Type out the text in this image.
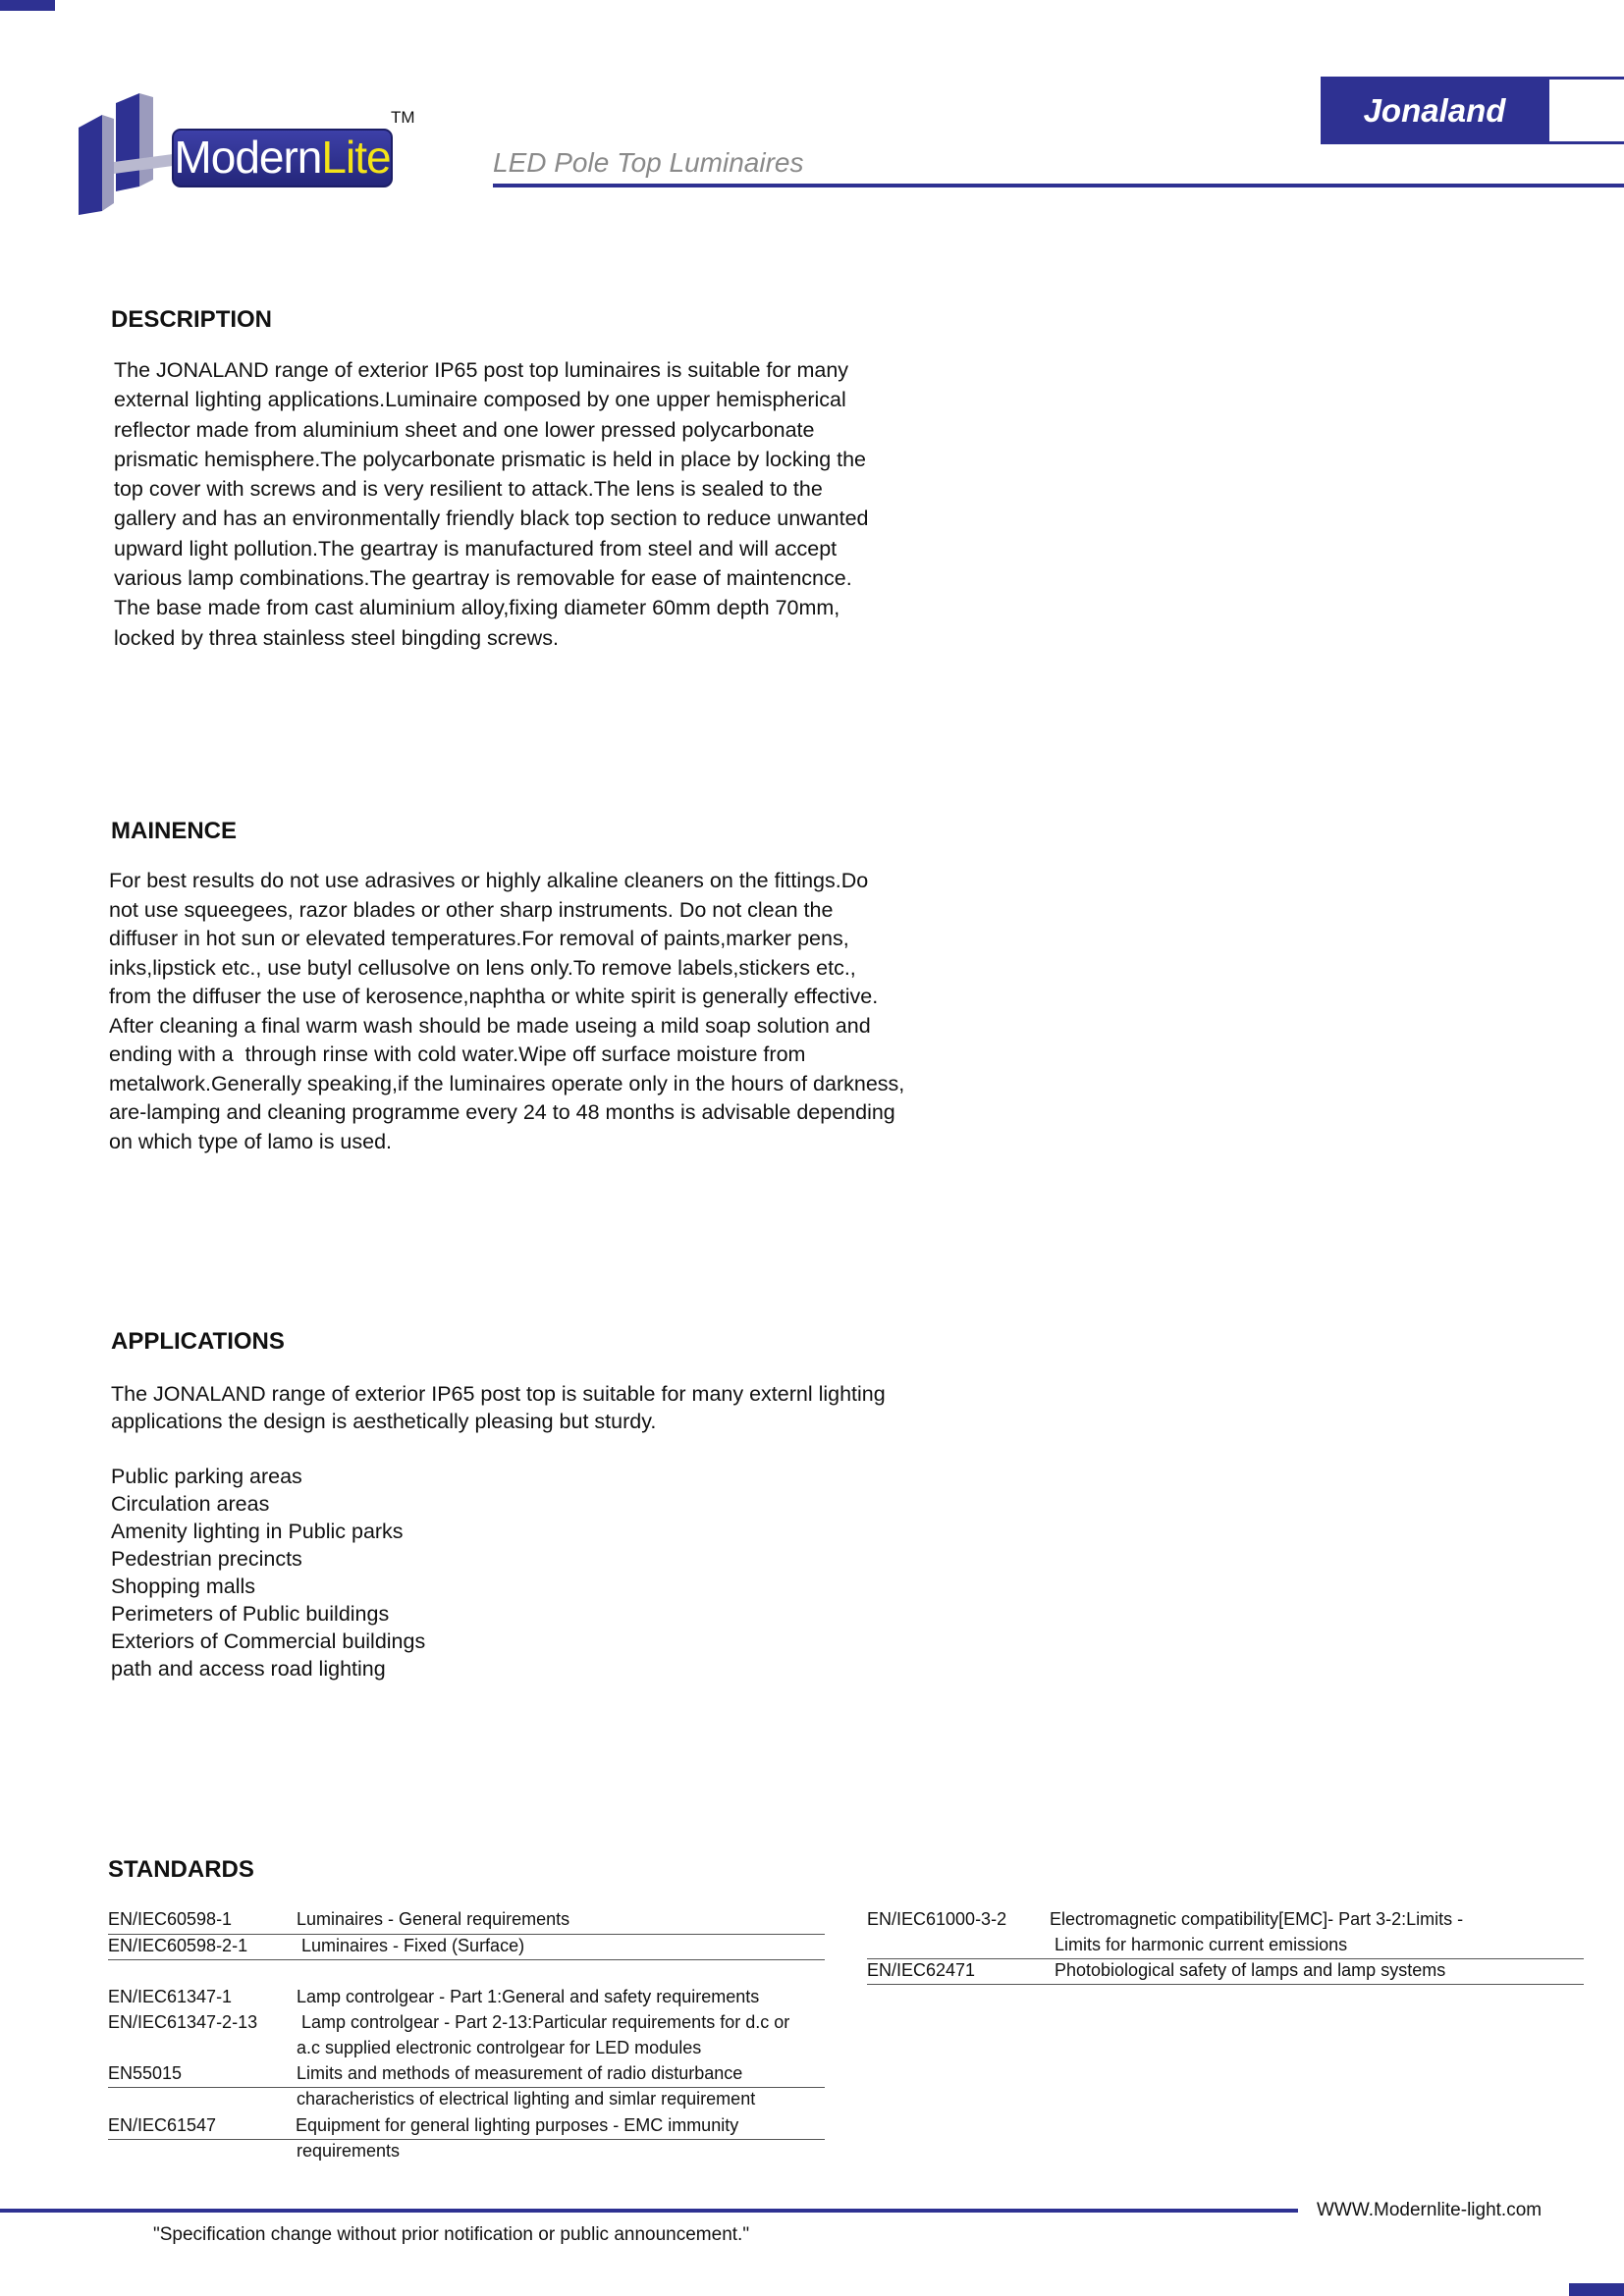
ModernLite
TM	Jonaland
LED Pole Top Luminaires
DESCRIPTION

The JONALAND range of exterior IP65 post top luminaires is suitable for many

external lighting applications.Luminaire composed by one upper hemispherical

reflector made from aluminium sheet and one lower pressed polycarbonate

prismatic hemisphere.The polycarbonate prismatic is held in place by locking the

top cover with screws and is very resilient to attack.The lens is sealed to the

gallery and has an environmentally friendly black top section to reduce unwanted

upward light pollution.The geartray is manufactured from steel and will accept

various lamp combinations.The geartray is removable for ease of maintencnce.

The base made from cast aluminium alloy,fixing diameter 60mm depth 70mm,

locked by threa stainless steel bingding screws.

MAINENCE

For best results do not use adrasives or highly alkaline cleaners on the fittings.Do

not use squeegees, razor blades or other sharp instruments. Do not clean the

diffuser in hot sun or elevated temperatures.For removal of paints,marker pens,

inks,lipstick etc., use butyl cellusolve on lens only.To remove labels,stickers etc.,

from the diffuser the use of kerosence,naphtha or white spirit is generally effective.

After cleaning a final warm wash should be made useing a mild soap solution and

ending with a  through rinse with cold water.Wipe off surface moisture from

metalwork.Generally speaking,if the luminaires operate only in the hours of darkness,

are-lamping and cleaning programme every 24 to 48 months is advisable depending

on which type of lamo is used.

APPLICATIONS

The JONALAND range of exterior IP65 post top is suitable for many externl lighting

applications the design is aesthetically pleasing but sturdy.

Public parking areas
Circulation areas
Amenity lighting in Public parks
Pedestrian precincts
Shopping malls
Perimeters of Public buildings
Exteriors of Commercial buildings
path and access road lighting
STANDARDS
EN/IEC60598-1	Luminaires - General requirements
EN/IEC60598-2-1	Luminaires - Fixed (Surface)
EN/IEC61347-1	Lamp controlgear - Part 1:General and safety requirements
EN/IEC61347-2-13 Lamp controlgear - Part 2-13:Particular requirements for d.c or
a.c supplied electronic controlgear for LED modules
EN55015	Limits and methods of measurement of radio disturbance
characheristics of electrical lighting and simlar requirement
EN/IEC61547	Equipment for general lighting purposes - EMC immunity
requirements
EN/IEC61000-3-2 Electromagnetic compatibility[EMC]- Part 3-2:Limits -
Limits for harmonic current emissions
EN/IEC62471	Photobiological safety of lamps and lamp systems
WWW.Modernlite-light.com
"Specification change without prior notification or public announcement."
